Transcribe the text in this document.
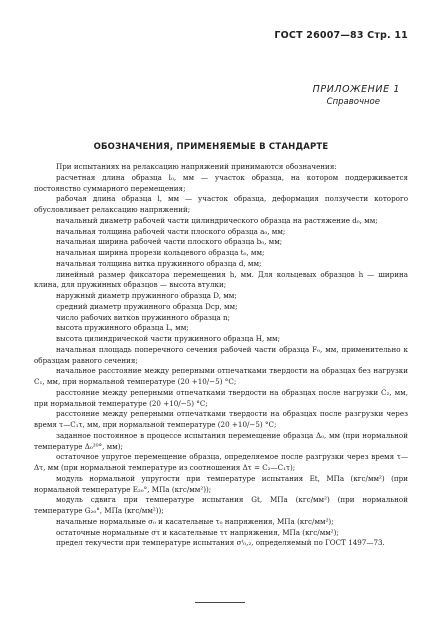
ГОСТ 26007—83 Стр. 11
ПРИЛОЖЕНИЕ 1
Справочное
ОБОЗНАЧЕНИЯ, ПРИМЕНЯЕМЫЕ В СТАНДАРТЕ

При испытаниях на релаксацию напряжений принимаются обозначения:

расчетная длина образца l₀, мм — участок образца, на котором поддерживается постоянство суммарного перемещения;

рабочая длина образца l, мм — участок образца, деформация ползучести которого обусловливает релаксацию напряжений;

начальный диаметр рабочей части цилиндрического образца на растяжение d₀, мм;

начальная толщина рабочей части плоского образца a₀, мм;

начальная ширина рабочей части плоского образца b₀, мм;

начальная ширина прорези кольцевого образца t₀, мм;

начальная толщина витка пружинного образца d, мм;

линейный размер фиксатора перемещения h, мм. Для кольцевых образцов h — ширина клина, для пружинных образцов — высота втулки;

наружный диаметр пружинного образца D, мм;

средний диаметр пружинного образца Dср, мм;

число рабочих витков пружинного образца n;

высота пружинного образца L, мм;

высота цилиндрической части пружинного образца H, мм;

начальная площадь поперечного сечения рабочей части образца F₀, мм, применительно к образцам равного сечения;

начальное расстояние между реперными отпечатками твердости на образцах без нагрузки C₁, мм, при нормальной температуре (20 +10/−5) °С;

расстояние между реперными отпечатками твердости на образцах после нагрузки C₂, мм, при нормальной температуре (20 +10/−5) °С;

расстояние между реперными отпечатками твердости на образцах после разгрузки через время τ—C₁τ, мм, при нормальной температуре (20 +10/−5) °С;

заданное постоянное в процессе испытания перемещение образца Δ₀, мм (при нормальной температуре Δ₀²⁰°, мм);

остаточное упругое перемещение образца, определяемое после разгрузки через время τ—Δτ, мм (при нормальной температуре из соотношения Δτ = C₂—C₁τ);

модуль нормальной упругости при температуре испытания Et, МПа (кгс/мм²) (при нормальной температуре E₂₀°, МПа (кгс/мм²));

модуль сдвига при температуре испытания Gt, МПа (кгс/мм²) (при нормальной температуре G₂₀°, МПа (кгс/мм²));

начальные нормальные σ₀ и касательные τ₀ напряжения, МПа (кгс/мм²);

остаточные нормальные στ и касательные ττ напряжения, МПа (кгс/мм²);

предел текучести при температуре испытания σᵗ₀,₂, определяемый по ГОСТ 1497—73.
